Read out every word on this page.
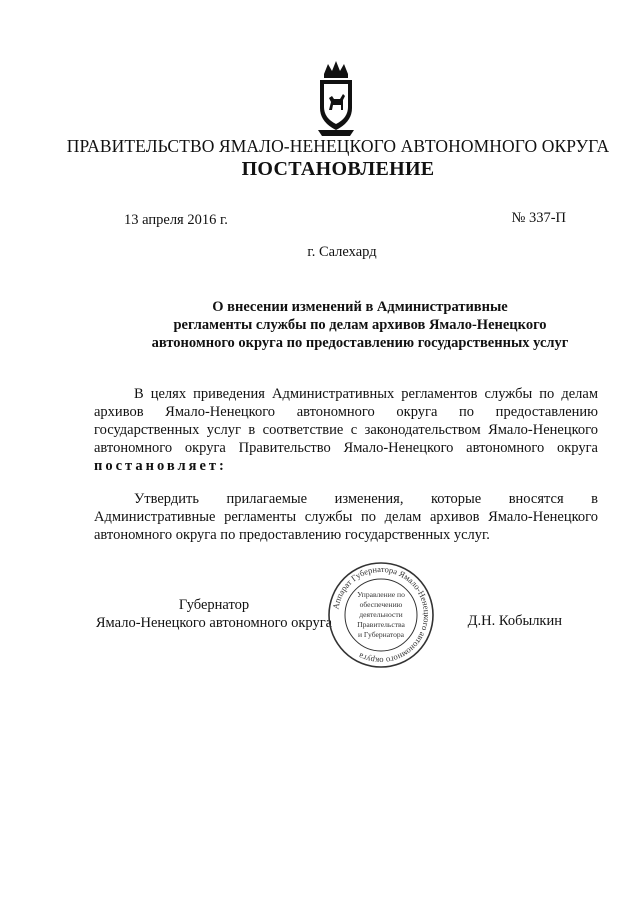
ПРАВИТЕЛЬСТВО ЯМАЛО-НЕНЕЦКОГО АВТОНОМНОГО ОКРУГА
ПОСТАНОВЛЕНИЕ
13 апреля 2016 г.	№ 337-П
г. Салехард
О внесении изменений в Административные
регламенты службы по делам архивов Ямало-Ненецкого
автономного округа по предоставлению государственных услуг
В целях приведения Административных регламентов службы по делам архивов Ямало-Ненецкого автономного округа по предоставлению государственных услуг в соответствие с законодательством Ямало-Ненецкого автономного округа Правительство Ямало-Ненецкого автономного округа постановляет:
Утвердить прилагаемые изменения, которые вносятся в Административные регламенты службы по делам архивов Ямало-Ненецкого автономного округа по предоставлению государственных услуг.
Губернатор
Ямало-Ненецкого автономного округа	Д.Н. Кобылкин
Аппарат Губернатора Ямало-Ненецкого автономного округа
Управление по
обеспечению
деятельности
Правительства
и Губернатора
